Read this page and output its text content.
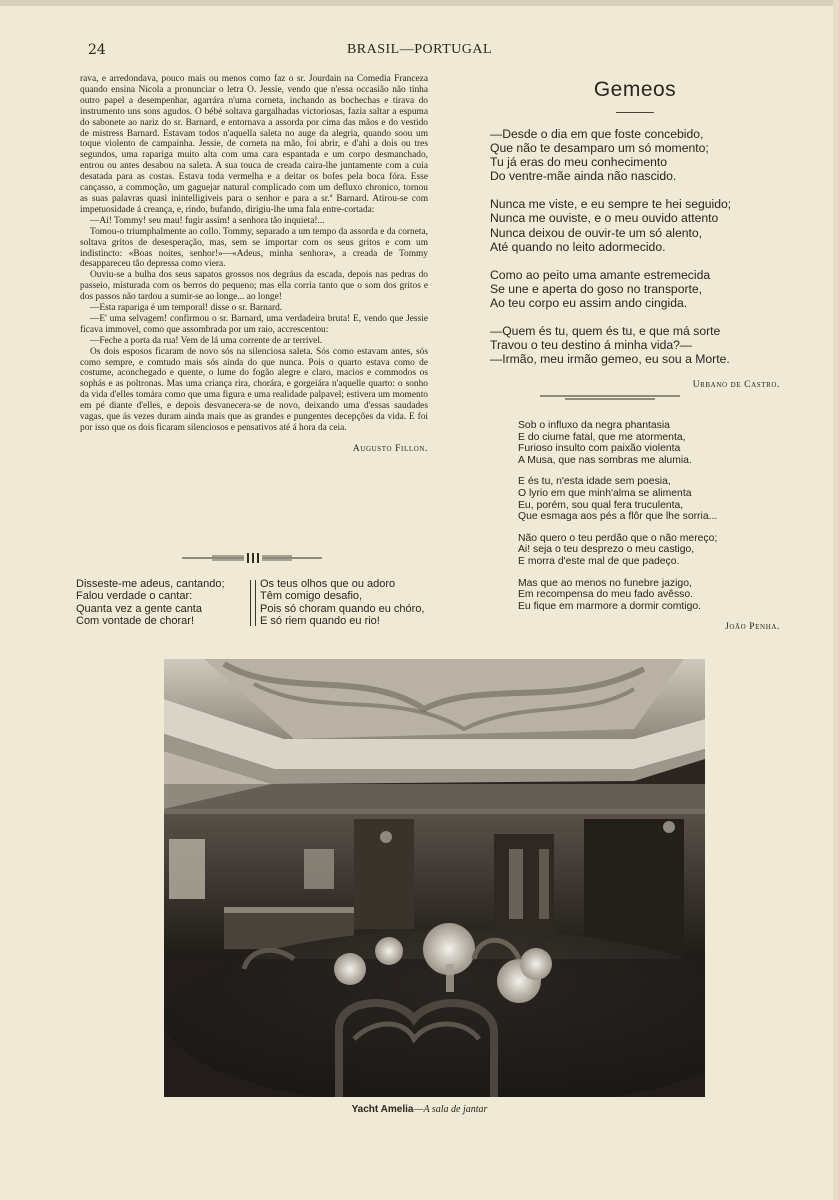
24	BRASIL—PORTUGAL

rava, e arredondava, pouco mais ou menos como faz o sr. Jourdain na Comedia Franceza quando ensina Nicola a pronunciar o letra O. Jessie, vendo que n'essa occasião não tinha outro papel a desempenhar, agarrára n'uma corneta, inchando as bochechas e tirava do instrumento uns sons agudos. O bébé soltava gargalhadas victoriosas, fazia saltar a espuma do sabonete ao nariz do sr. Barnard, e entornava a assorda por cima das mãos e do vestido de mistress Barnard. Estavam todos n'aquella saleta no auge da alegria, quando soou um toque violento de campainha. Jessie, de corneta na mão, foi abrir, e d'ahi a dois ou tres segundos, uma rapariga muito alta com uma cara espantada e um corpo desmanchado, entrou ou antes desabou na saleta. A sua touca de creada caira-lhe juntamente com a cuia desatada para as costas. Estava toda vermelha e a deitar os bofes pela boca fóra. Esse cançasso, a commoção, um gaguejar natural complicado com um defluxo chronico, tornou as suas palavras quasi inintelligiveis para o senhor e para a sr.ª Barnard. Atirou-se com impetuosidade á creança, e, rindo, bufando, dirigiu-lhe uma fala entre-cortada:
—Ai! Tommy! seu mau! fugir assim! a senhora tão inquieta!...
Tomou-o triumphalmente ao collo. Tommy, separado a um tempo da assorda e da corneta, soltava gritos de desesperação, mas, sem se importar com os seus gritos e com um indistincto: «Boas noites, senhor!»—«Adeus, minha senhora», a creada de Tommy desappareceu tão depressa como viera.
Ouviu-se a bulha dos seus sapatos grossos nos degráus da escada, depois nas pedras do passeio, misturada com os berros do pequeno; mas ella corria tanto que o som dos gritos e dos passos não tardou a sumir-se ao longe... ao longe!
—Esta rapariga é um temporal! disse o sr. Barnard.
—E' uma selvagem! confirmou o sr. Barnard, uma verdadeira bruta! E, vendo que Jessie ficava immovel, como que assombrada por um raio, accrescentou:
—Feche a porta da rua! Vem de lá uma corrente de ar terrivel.
Os dois esposos ficaram de novo sós na silenciosa saleta. Sós como estavam antes, sós como sempre, e comtudo mais sós ainda do que nunca. Pois o quarto estava como de costume, aconchegado e quente, o lume do fogão alegre e claro, macios e commodos os sophás e as poltronas. Mas uma criança rira, chorára, e gorgeiára n'aquelle quarto: o sonho da vida d'elles tomára como que uma figura e uma realidade palpavel; estivera um momento em pé diante d'elles, e depois desvanecera-se de novo, deixando uma d'essas saudades vagas, que ás vezes duram ainda mais que as grandes e pungentes decepções da vida. E foi por isso que os dois ficaram silenciosos e pensativos até á hora da ceia.

Augusto Fillon.
Disseste-me adeus, cantando;
Falou verdade o cantar:
Quanta vez a gente canta
Com vontade de chorar!
Os teus olhos que ou adoro
Têm comigo desafio,
Pois só choram quando eu chóro,
E só riem quando eu rio!
Gemeos
—Desde o dia em que foste concebido,
Que não te desamparo um só momento;
Tu já eras do meu conhecimento
Do ventre-mãe ainda não nascido.
Nunca me viste, e eu sempre te hei seguido;
Nunca me ouviste, e o meu ouvido attento
Nunca deixou de ouvir-te um só alento,
Até quando no leito adormecido.
Como ao peito uma amante estremecida
Se une e aperta do goso no transporte,
Ao teu corpo eu assim ando cingida.
—Quem és tu, quem és tu, e que má sorte
Travou o teu destino á minha vida?—
—Irmão, meu irmão gemeo, eu sou a Morte.
Urbano de Castro.
Sob o influxo da negra phantasia
E do ciume fatal, que me atormenta,
Furioso insulto com paixão violenta
A Musa, que nas sombras me alumia.
E és tu, n'esta idade sem poesia,
O lyrio em que minh'alma se alimenta
Eu, porém, sou qual fera truculenta,
Que esmaga aos pés a flôr que lhe sorria...
Não quero o teu perdão que o não mereço;
Ai! seja o teu desprezo o meu castigo,
E morra d'este mal de que padeço.
Mas que ao menos no funebre jazigo,
Em recompensa do meu fado avêsso.
Eu fique em marmore a dormir comtigo.
João Penha.
Yacht Amelia—A sala de jantar
